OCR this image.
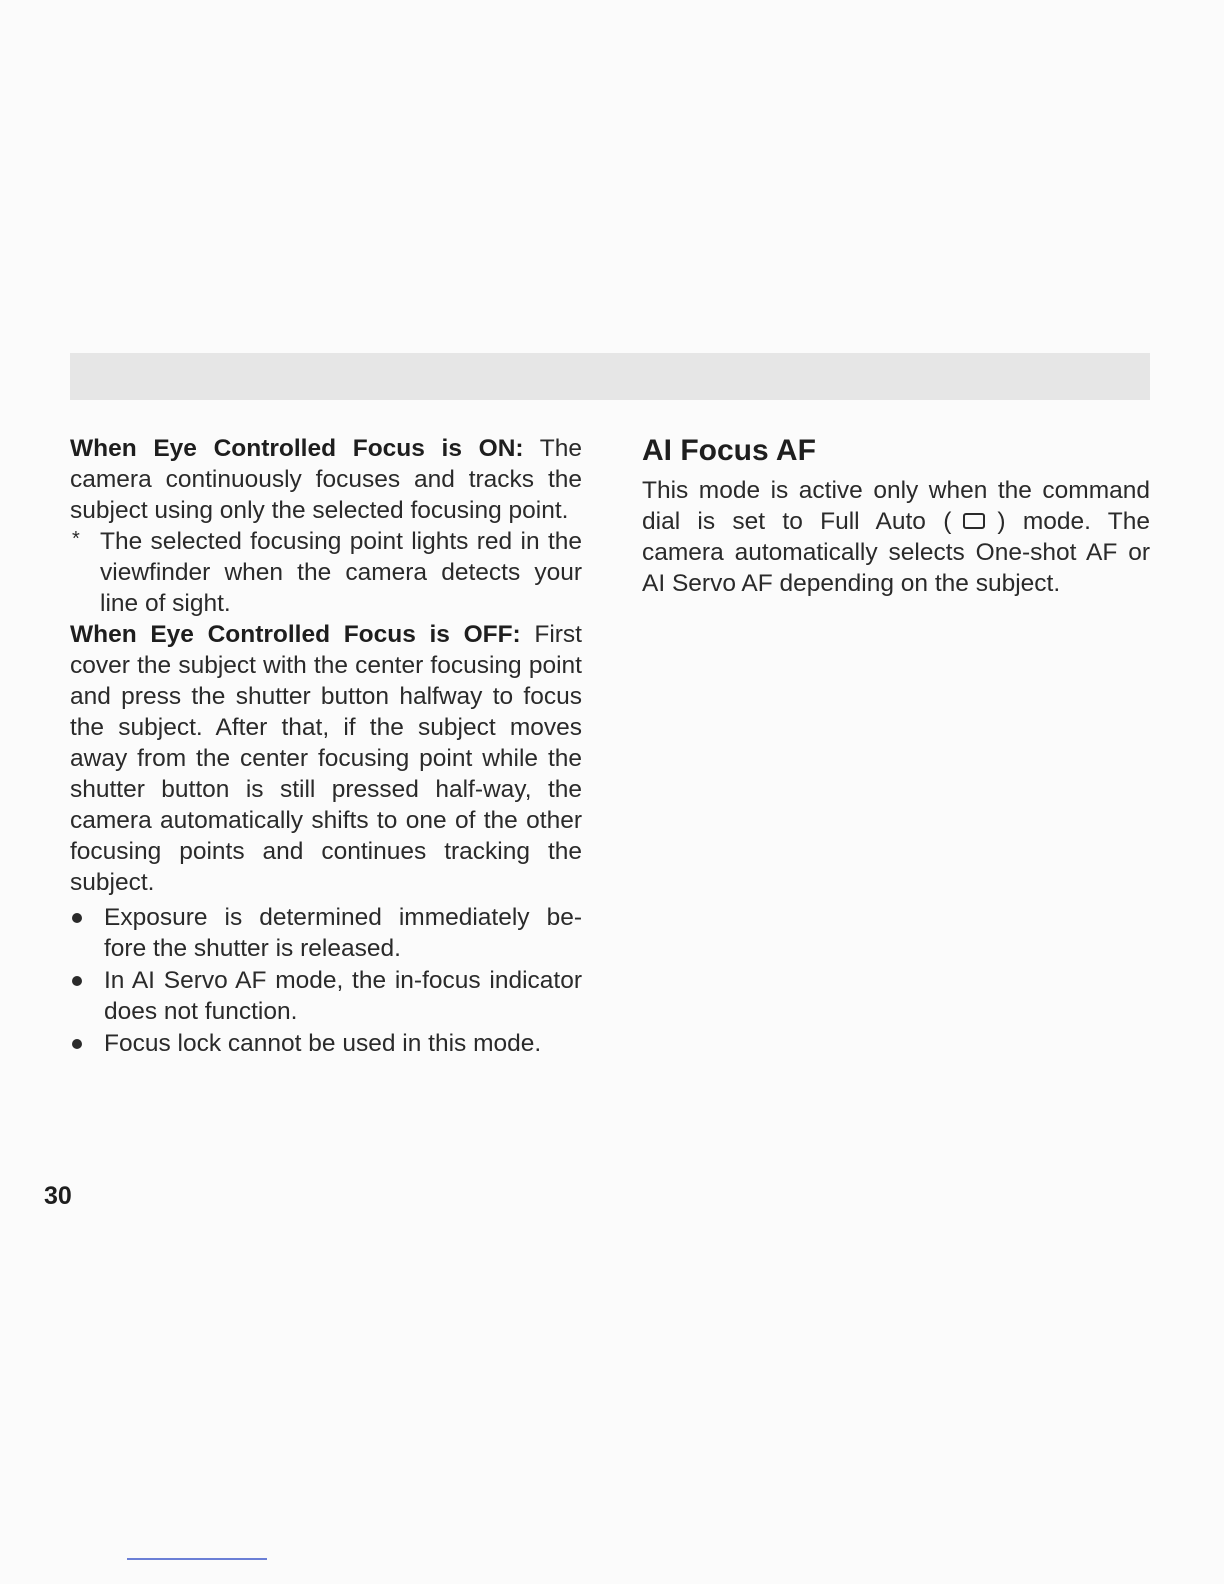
When Eye Controlled Focus is ON: The camera continuously focuses and tracks the subject using only the selected focusing point.

* The selected focusing point lights red in the viewfinder when the camera detects your line of sight.

When Eye Controlled Focus is OFF: First cover the subject with the center focusing point and press the shutter button halfway to focus the subject. After that, if the subject moves away from the center focusing point while the shutter button is still pressed half-way, the camera automatically shifts to one of the other focusing points and continues tracking the subject.

Exposure is determined immediately be-fore the shutter is released.
In AI Servo AF mode, the in-focus indicator does not function.
Focus lock cannot be used in this mode.
AI Focus AF

This mode is active only when the command dial is set to Full Auto ( ) mode. The camera automatically selects One-shot AF or AI Servo AF depending on the subject.

30
